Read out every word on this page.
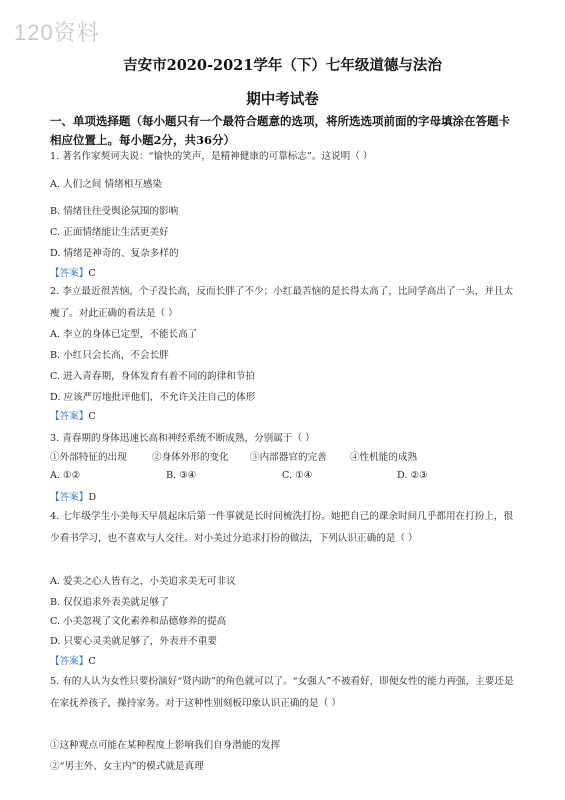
120资料
吉安市2020-2021学年（下）七年级道德与法治
期中考试卷
一、单项选择题（每小题只有一个最符合题意的选项，将所选选项前面的字母填涂在答题卡相应位置上。每小题2分，共36分）
1. 著名作家契诃夫说：“愉快的笑声，是精神健康的可靠标志”。这说明（ ）
A. 人们之间 情绪相互感染
B. 情绪往往受舆论氛围的影响
C. 正面情绪能让生活更美好
D. 情绪是神奇的、复杂多样的
【答案】C
2. 李立最近很苦恼，个子没长高，反而长胖了不少；小红最苦恼的是长得太高了，比同学高出了一头，并且太瘦了。对此正确的看法是（ ）
A. 李立的身体已定型，不能长高了
B. 小红只会长高，不会长胖
C. 进入青春期，身体发育有着不同的韵律和节拍
D. 应该严厉地批评他们，不允许关注自己的体形
【答案】C
3. 青春期的身体迅速长高和神经系统不断成熟，分别属于（ ）
①外部特征的出现	②身体外形的变化 ③内部器官的完善 ④性机能的成熟
A. ①②	B. ③④	C. ①④	D. ②③
【答案】D
4. 七年级学生小美每天早晨起床后第一件事就是长时间梳洗打扮。她把自己的课余时间几乎都用在打扮上，很少看书学习，也不喜欢与人交往。对小美过分追求打扮的做法，下列认识正确的是（ ）
A. 爱美之心人皆有之，小美追求美无可非议
B. 仅仅追求外表美就足够了
C. 小美忽视了文化素养和品德修养的提高
D. 只要心灵美就足够了，外表并不重要
【答案】C
5. 有的人认为女性只要扮演好“贤内助”的角色就可以了。“女强人”不被看好，即便女性的能力再强，主要还是在家抚养孩子，操持家务。对于这种性别刻板印象认识正确的是（ ）
①这种观点可能在某种程度上影响我们自身潜能的发挥
②“男主外、女主内”的模式就是真理
